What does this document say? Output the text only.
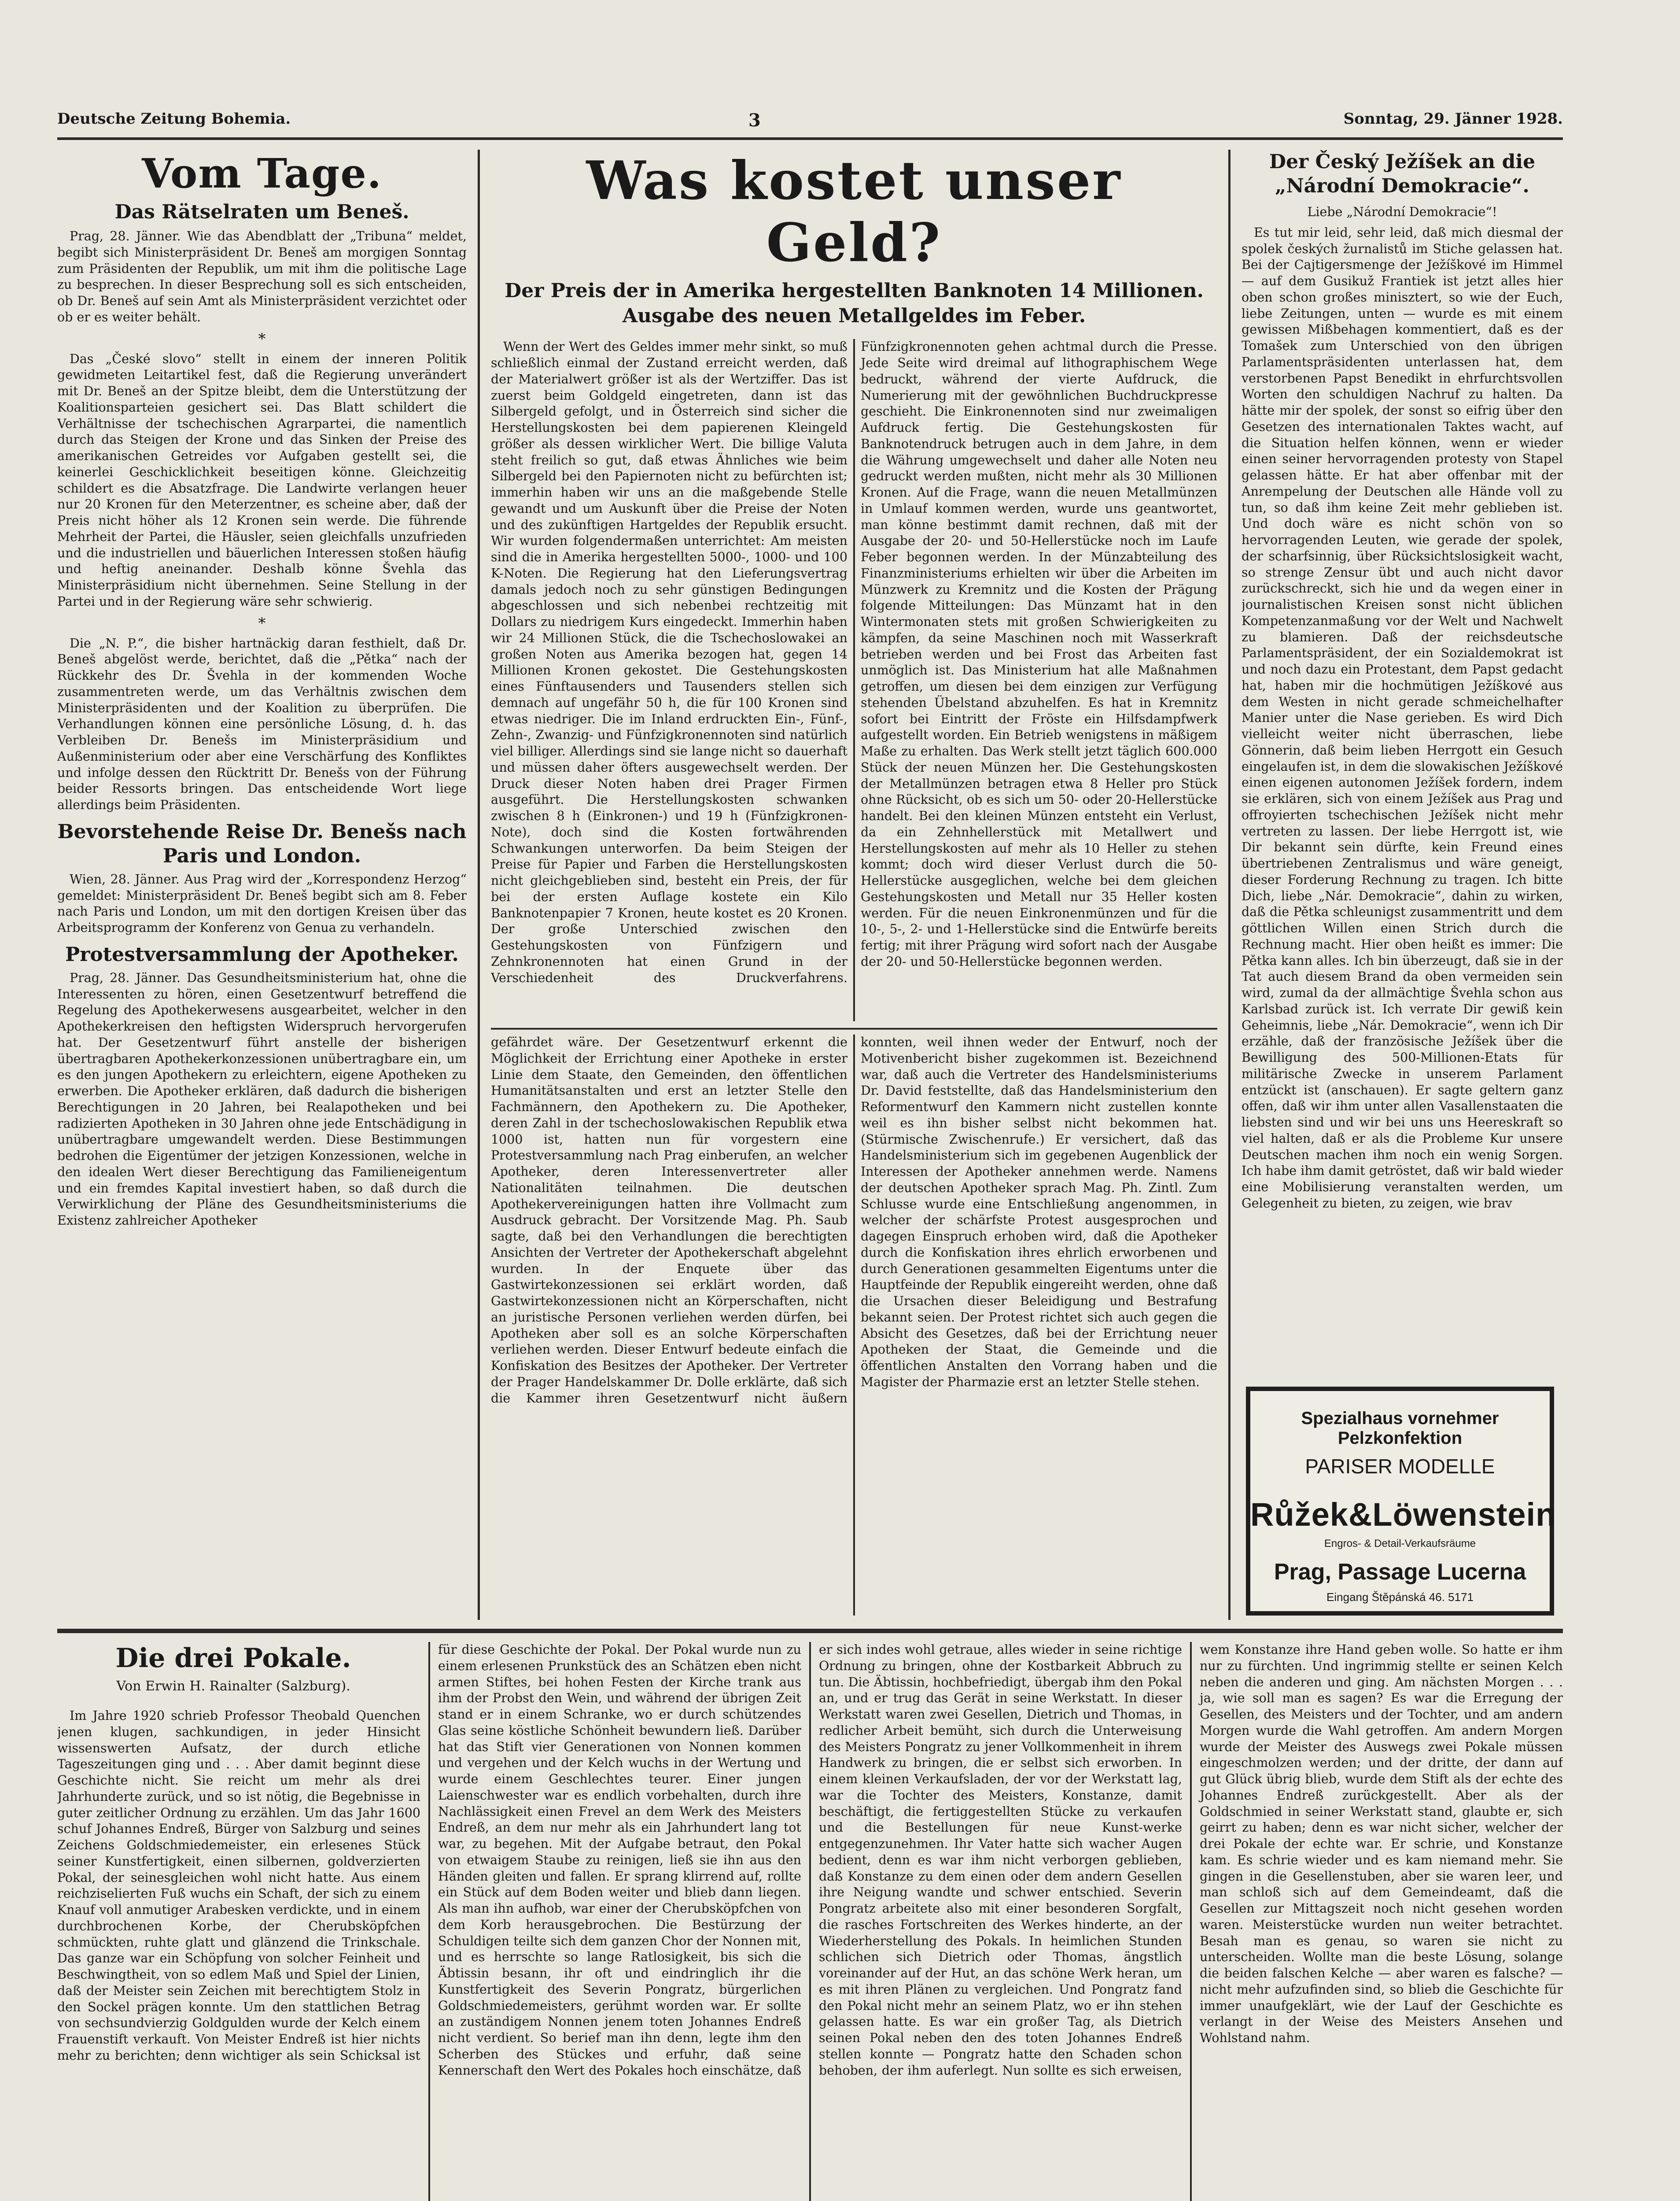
Deutsche Zeitung Bohemia.	3	Sonntag, 29. Jänner 1928.
Vom Tage.
Das Rätselraten um Beneš.

Prag, 28. Jänner. Wie das Abendblatt der „Tribuna“ meldet, begibt sich Ministerpräsident Dr. Beneš am morgigen Sonntag zum Präsidenten der Republik, um mit ihm die politische Lage zu besprechen. In dieser Besprechung soll es sich entscheiden, ob Dr. Beneš auf sein Amt als Ministerpräsident verzichtet oder ob er es weiter behält.

*

Das „České slovo“ stellt in einem der inneren Politik gewidmeten Leitartikel fest, daß die Regierung unverändert mit Dr. Beneš an der Spitze bleibt, dem die Unterstützung der Koalitionsparteien gesichert sei. Das Blatt schildert die Verhältnisse der tschechischen Agrarpartei, die namentlich durch das Steigen der Krone und das Sinken der Preise des amerikanischen Getreides vor Aufgaben gestellt sei, die keinerlei Geschicklichkeit beseitigen könne. Gleichzeitig schildert es die Absatzfrage. Die Landwirte verlangen heuer nur 20 Kronen für den Meterzentner, es scheine aber, daß der Preis nicht höher als 12 Kronen sein werde. Die führende Mehrheit der Partei, die Häusler, seien gleichfalls unzufrieden und die industriellen und bäuerlichen Interessen stoßen häufig und heftig aneinander. Deshalb könne Švehla das Ministerpräsidium nicht übernehmen. Seine Stellung in der Partei und in der Regierung wäre sehr schwierig.

*

Die „N. P.“, die bisher hartnäckig daran festhielt, daß Dr. Beneš abgelöst werde, berichtet, daß die „Pětka“ nach der Rückkehr des Dr. Švehla in der kommenden Woche zusammentreten werde, um das Verhältnis zwischen dem Ministerpräsidenten und der Koalition zu überprüfen. Die Verhandlungen können eine persönliche Lösung, d. h. das Verbleiben Dr. Benešs im Ministerpräsidium und Außenministerium oder aber eine Verschärfung des Konfliktes und infolge dessen den Rücktritt Dr. Benešs von der Führung beider Ressorts bringen. Das entscheidende Wort liege allerdings beim Präsidenten.

Bevorstehende Reise Dr. Benešs nach Paris und London.

Wien, 28. Jänner. Aus Prag wird der „Korrespondenz Herzog“ gemeldet: Ministerpräsident Dr. Beneš begibt sich am 8. Feber nach Paris und London, um mit den dortigen Kreisen über das Arbeitsprogramm der Konferenz von Genua zu verhandeln.

Protestversammlung der Apotheker.

Prag, 28. Jänner. Das Gesundheitsministerium hat, ohne die Interessenten zu hören, einen Gesetzentwurf betreffend die Regelung des Apothekerwesens ausgearbeitet, welcher in den Apothekerkreisen den heftigsten Widerspruch hervorgerufen hat. Der Gesetzentwurf führt anstelle der bisherigen übertragbaren Apothekerkonzessionen unübertragbare ein, um es den jungen Apothekern zu erleichtern, eigene Apotheken zu erwerben. Die Apotheker erklären, daß dadurch die bisherigen Berechtigungen in 20 Jahren, bei Realapotheken und bei radizierten Apotheken in 30 Jahren ohne jede Entschädigung in unübertragbare umgewandelt werden. Diese Bestimmungen bedrohen die Eigentümer der jetzigen Konzessionen, welche in den idealen Wert dieser Berechtigung das Familieneigentum und ein fremdes Kapital investiert haben, so daß durch die Verwirklichung der Pläne des Gesundheitsministeriums die Existenz zahlreicher Apotheker

Was kostet unser Geld?
Der Preis der in Amerika hergestellten Banknoten 14 Millionen.
Ausgabe des neuen Metallgeldes im Feber.

Wenn der Wert des Geldes immer mehr sinkt, so muß schließlich einmal der Zustand erreicht werden, daß der Materialwert größer ist als der Wertziffer. Das ist zuerst beim Goldgeld eingetreten, dann ist das Silbergeld gefolgt, und in Österreich sind sicher die Herstellungskosten bei dem papierenen Kleingeld größer als dessen wirklicher Wert. Die billige Valuta steht freilich so gut, daß etwas Ähnliches wie beim Silbergeld bei den Papiernoten nicht zu befürchten ist; immerhin haben wir uns an die maßgebende Stelle gewandt und um Auskunft über die Preise der Noten und des zukünftigen Hartgeldes der Republik ersucht. Wir wurden folgendermaßen unterrichtet: Am meisten sind die in Amerika hergestellten 5000-, 1000- und 100 K-Noten. Die Regierung hat den Lieferungsvertrag damals jedoch noch zu sehr günstigen Bedingungen abgeschlossen und sich nebenbei rechtzeitig mit Dollars zu niedrigem Kurs eingedeckt. Immerhin haben wir 24 Millionen Stück, die die Tschechoslowakei an großen Noten aus Amerika bezogen hat, gegen 14 Millionen Kronen gekostet. Die Gestehungskosten eines Fünftausenders und Tausenders stellen sich demnach auf ungefähr 50 h, die für 100 Kronen sind etwas niedriger. Die im Inland erdruckten Ein-, Fünf-, Zehn-, Zwanzig- und Fünfzigkronennoten sind natürlich viel billiger. Allerdings sind sie lange nicht so dauerhaft und müssen daher öfters ausgewechselt werden. Der Druck dieser Noten haben drei Prager Firmen ausgeführt. Die Herstellungskosten schwanken zwischen 8 h (Einkronen-) und 19 h (Fünfzigkronen-Note), doch sind die Kosten fortwährenden Schwankungen unterworfen. Da beim Steigen der Preise für Papier und Farben die Herstellungskosten nicht gleichgeblieben sind, besteht ein Preis, der für bei der ersten Auflage kostete ein Kilo Banknotenpapier 7 Kronen, heute kostet es 20 Kronen. Der große Unterschied zwischen den Gestehungskosten von Fünfzigern und Zehnkronennoten hat einen Grund in der Verschiedenheit des Druckverfahrens. Fünfzigkronennoten gehen achtmal durch die Presse. Jede Seite wird dreimal auf lithographischem Wege bedruckt, während der vierte Aufdruck, die Numerierung mit der gewöhnlichen Buchdruckpresse geschieht. Die Einkronennoten sind nur zweimaligen Aufdruck fertig. Die Gestehungskosten für Banknotendruck betrugen auch in dem Jahre, in dem die Währung umgewechselt und daher alle Noten neu gedruckt werden mußten, nicht mehr als 30 Millionen Kronen. Auf die Frage, wann die neuen Metallmünzen in Umlauf kommen werden, wurde uns geantwortet, man könne bestimmt damit rechnen, daß mit der Ausgabe der 20- und 50-Hellerstücke noch im Laufe Feber begonnen werden. In der Münzabteilung des Finanzministeriums erhielten wir über die Arbeiten im Münzwerk zu Kremnitz und die Kosten der Prägung folgende Mitteilungen: Das Münzamt hat in den Wintermonaten stets mit großen Schwierigkeiten zu kämpfen, da seine Maschinen noch mit Wasserkraft betrieben werden und bei Frost das Arbeiten fast unmöglich ist. Das Ministerium hat alle Maßnahmen getroffen, um diesen bei dem einzigen zur Verfügung stehenden Übelstand abzuhelfen. Es hat in Kremnitz sofort bei Eintritt der Fröste ein Hilfsdampfwerk aufgestellt worden. Ein Betrieb wenigstens in mäßigem Maße zu erhalten. Das Werk stellt jetzt täglich 600.000 Stück der neuen Münzen her. Die Gestehungskosten der Metallmünzen betragen etwa 8 Heller pro Stück ohne Rücksicht, ob es sich um 50- oder 20-Hellerstücke handelt. Bei den kleinen Münzen entsteht ein Verlust, da ein Zehnhellerstück mit Metallwert und Herstellungskosten auf mehr als 10 Heller zu stehen kommt; doch wird dieser Verlust durch die 50-Hellerstücke ausgeglichen, welche bei dem gleichen Gestehungskosten und Metall nur 35 Heller kosten werden. Für die neuen Einkronenmünzen und für die 10-, 5-, 2- und 1-Hellerstücke sind die Entwürfe bereits fertig; mit ihrer Prägung wird sofort nach der Ausgabe der 20- und 50-Hellerstücke begonnen werden.

gefährdet wäre. Der Gesetzentwurf erkennt die Möglichkeit der Errichtung einer Apotheke in erster Linie dem Staate, den Gemeinden, den öffentlichen Humanitätsanstalten und erst an letzter Stelle den Fachmännern, den Apothekern zu. Die Apotheker, deren Zahl in der tschechoslowakischen Republik etwa 1000 ist, hatten nun für vorgestern eine Protestversammlung nach Prag einberufen, an welcher Apotheker, deren Interessenvertreter aller Nationalitäten teilnahmen. Die deutschen Apothekervereinigungen hatten ihre Vollmacht zum Ausdruck gebracht. Der Vorsitzende Mag. Ph. Saub sagte, daß bei den Verhandlungen die berechtigten Ansichten der Vertreter der Apothekerschaft abgelehnt wurden. In der Enquete über das Gastwirtekonzessionen sei erklärt worden, daß Gastwirtekonzessionen nicht an Körperschaften, nicht an juristische Personen verliehen werden dürfen, bei Apotheken aber soll es an solche Körperschaften verliehen werden. Dieser Entwurf bedeute einfach die Konfiskation des Besitzes der Apotheker. Der Vertreter der Prager Handelskammer Dr. Dolle erklärte, daß sich die Kammer ihren Gesetzentwurf nicht äußern konnten, weil ihnen weder der Entwurf, noch der Motivenbericht bisher zugekommen ist. Bezeichnend war, daß auch die Vertreter des Handelsministeriums Dr. David feststellte, daß das Handelsministerium den Reformentwurf den Kammern nicht zustellen konnte weil es ihn bisher selbst nicht bekommen hat. (Stürmische Zwischenrufe.) Er versichert, daß das Handelsministerium sich im gegebenen Augenblick der Interessen der Apotheker annehmen werde. Namens der deutschen Apotheker sprach Mag. Ph. Zintl. Zum Schlusse wurde eine Entschließung angenommen, in welcher der schärfste Protest ausgesprochen und dagegen Einspruch erhoben wird, daß die Apotheker durch die Konfiskation ihres ehrlich erworbenen und durch Generationen gesammelten Eigentums unter die Hauptfeinde der Republik eingereiht werden, ohne daß die Ursachen dieser Beleidigung und Bestrafung bekannt seien. Der Protest richtet sich auch gegen die Absicht des Gesetzes, daß bei der Errichtung neuer Apotheken der Staat, die Gemeinde und die öffentlichen Anstalten den Vorrang haben und die Magister der Pharmazie erst an letzter Stelle stehen.

Der Český Ježíšek an die „Národní Demokracie“.

Liebe „Národní Demokracie“!

Es tut mir leid, sehr leid, daß mich diesmal der spolek českých žurnalistů im Stiche gelassen hat. Bei der Cajtigersmenge der Ježíškové im Himmel — auf dem Gusikuž Frantiek ist jetzt alles hier oben schon großes minisztert, so wie der Euch, liebe Zeitungen, unten — wurde es mit einem gewissen Mißbehagen kommentiert, daß es der Tomašek zum Unterschied von den übrigen Parlamentspräsidenten unterlassen hat, dem verstorbenen Papst Benedikt in ehrfurchtsvollen Worten den schuldigen Nachruf zu halten. Da hätte mir der spolek, der sonst so eifrig über den Gesetzen des internationalen Taktes wacht, auf die Situation helfen können, wenn er wieder einen seiner hervorragenden protesty von Stapel gelassen hätte. Er hat aber offenbar mit der Anrempelung der Deutschen alle Hände voll zu tun, so daß ihm keine Zeit mehr geblieben ist. Und doch wäre es nicht schön von so hervorragenden Leuten, wie gerade der spolek, der scharfsinnig, über Rücksichtslosigkeit wacht, so strenge Zensur übt und auch nicht davor zurückschreckt, sich hie und da wegen einer in journalistischen Kreisen sonst nicht üblichen Kompetenzanmaßung vor der Welt und Nachwelt zu blamieren. Daß der reichsdeutsche Parlamentspräsident, der ein Sozialdemokrat ist und noch dazu ein Protestant, dem Papst gedacht hat, haben mir die hochmütigen Ježíškové aus dem Westen in nicht gerade schmeichelhafter Manier unter die Nase gerieben. Es wird Dich vielleicht weiter nicht überraschen, liebe Gönnerin, daß beim lieben Herrgott ein Gesuch eingelaufen ist, in dem die slowakischen Ježíškové einen eigenen autonomen Ježíšek fordern, indem sie erklären, sich von einem Ježíšek aus Prag und offroyierten tschechischen Ježíšek nicht mehr vertreten zu lassen. Der liebe Herrgott ist, wie Dir bekannt sein dürfte, kein Freund eines übertriebenen Zentralismus und wäre geneigt, dieser Forderung Rechnung zu tragen. Ich bitte Dich, liebe „Nár. Demokracie“, dahin zu wirken, daß die Pětka schleunigst zusammentritt und dem göttlichen Willen einen Strich durch die Rechnung macht. Hier oben heißt es immer: Die Pětka kann alles. Ich bin überzeugt, daß sie in der Tat auch diesem Brand da oben vermeiden sein wird, zumal da der allmächtige Švehla schon aus Karlsbad zurück ist. Ich verrate Dir gewiß kein Geheimnis, liebe „Nár. Demokracie“, wenn ich Dir erzähle, daß der französische Ježíšek über die Bewilligung des 500-Millionen-Etats für militärische Zwecke in unserem Parlament entzückt ist (anschauen). Er sagte geltern ganz offen, daß wir ihm unter allen Vasallenstaaten die liebsten sind und wir bei uns uns Heereskraft so viel halten, daß er als die Probleme Kur unsere Deutschen machen ihm noch ein wenig Sorgen. Ich habe ihm damit getröstet, daß wir bald wieder eine Mobilisierung veranstalten werden, um Gelegenheit zu bieten, zu zeigen, wie brav

Spezialhaus vornehmer Pelzkonfektion
PARISER MODELLE
Růžek&Löwenstein
Engros- & Detail-Verkaufsräume
Prag, Passage Lucerna
Eingang Štěpánská 46. 5171
Die drei Pokale.
Von Erwin H. Rainalter (Salzburg).

Im Jahre 1920 schrieb Professor Theobald Quenchen jenen klugen, sachkundigen, in jeder Hinsicht wissenswerten Aufsatz, der durch etliche Tageszeitungen ging und . . . Aber damit beginnt diese Geschichte nicht. Sie reicht um mehr als drei Jahrhunderte zurück, und so ist nötig, die Begebnisse in guter zeitlicher Ordnung zu erzählen. Um das Jahr 1600 schuf Johannes Endreß, Bürger von Salzburg und seines Zeichens Goldschmiedemeister, ein erlesenes Stück seiner Kunstfertigkeit, einen silbernen, goldverzierten Pokal, der seinesgleichen wohl nicht hatte. Aus einem reichziselierten Fuß wuchs ein Schaft, der sich zu einem Knauf voll anmutiger Arabesken verdickte, und in einem durchbrochenen Korbe, der Cherubsköpfchen schmückten, ruhte glatt und glänzend die Trinkschale. Das ganze war ein Schöpfung von solcher Feinheit und Beschwingtheit, von so edlem Maß und Spiel der Linien, daß der Meister sein Zeichen mit berechtigtem Stolz in den Sockel prägen konnte. Um den stattlichen Betrag von sechsundvierzig Goldgulden wurde der Kelch einem Frauenstift verkauft. Von Meister Endreß ist hier nichts mehr zu berichten; denn wichtiger als sein Schicksal ist für diese Geschichte der Pokal. Der Pokal wurde nun zu einem erlesenen Prunkstück des an Schätzen eben nicht armen Stiftes, bei hohen Festen der Kirche trank aus ihm der Probst den Wein, und während der übrigen Zeit stand er in einem Schranke, wo er durch schützendes Glas seine köstliche Schönheit bewundern ließ. Darüber hat das Stift vier Generationen von Nonnen kommen und vergehen und der Kelch wuchs in der Wertung und wurde einem Geschlechtes teurer. Einer jungen Laienschwester war es endlich vorbehalten, durch ihre Nachlässigkeit einen Frevel an dem Werk des Meisters Endreß, an dem nur mehr als ein Jahrhundert lang tot war, zu begehen. Mit der Aufgabe betraut, den Pokal von etwaigem Staube zu reinigen, ließ sie ihn aus den Händen gleiten und fallen. Er sprang klirrend auf, rollte ein Stück auf dem Boden weiter und blieb dann liegen. Als man ihn aufhob, war einer der Cherubsköpfchen von dem Korb herausgebrochen. Die Bestürzung der Schuldigen teilte sich dem ganzen Chor der Nonnen mit, und es herrschte so lange Ratlosigkeit, bis sich die Äbtissin besann, ihr oft und eindringlich ihr die Kunstfertigkeit des Severin Pongratz, bürgerlichen Goldschmiedemeisters, gerühmt worden war. Er sollte an zuständigem Nonnen jenem toten Johannes Endreß nicht verdient. So berief man ihn denn, legte ihm den Scherben des Stückes und erfuhr, daß seine Kennerschaft den Wert des Pokales hoch einschätze, daß er sich indes wohl getraue, alles wieder in seine richtige Ordnung zu bringen, ohne der Kostbarkeit Abbruch zu tun. Die Äbtissin, hochbefriedigt, übergab ihm den Pokal an, und er trug das Gerät in seine Werkstatt. In dieser Werkstatt waren zwei Gesellen, Dietrich und Thomas, in redlicher Arbeit bemüht, sich durch die Unterweisung des Meisters Pongratz zu jener Vollkommenheit in ihrem Handwerk zu bringen, die er selbst sich erworben. In einem kleinen Verkaufsladen, der vor der Werkstatt lag, war die Tochter des Meisters, Konstanze, damit beschäftigt, die fertiggestellten Stücke zu verkaufen und die Bestellungen für neue Kunst-werke entgegenzunehmen. Ihr Vater hatte sich wacher Augen bedient, denn es war ihm nicht verborgen geblieben, daß Konstanze zu dem einen oder dem andern Gesellen ihre Neigung wandte und schwer entschied. Severin Pongratz arbeitete also mit einer besonderen Sorgfalt, die rasches Fortschreiten des Werkes hinderte, an der Wiederherstellung des Pokals. In heimlichen Stunden schlichen sich Dietrich oder Thomas, ängstlich voreinander auf der Hut, an das schöne Werk heran, um es mit ihren Plänen zu vergleichen. Und Pongratz fand den Pokal nicht mehr an seinem Platz, wo er ihn stehen gelassen hatte. Es war ein großer Tag, als Dietrich seinen Pokal neben den des toten Johannes Endreß stellen konnte — Pongratz hatte den Schaden schon behoben, der ihm auferlegt. Nun sollte es sich erweisen, wem Konstanze ihre Hand geben wolle. So hatte er ihm nur zu fürchten. Und ingrimmig stellte er seinen Kelch neben die anderen und ging. Am nächsten Morgen . . . ja, wie soll man es sagen? Es war die Erregung der Gesellen, des Meisters und der Tochter, und am andern Morgen wurde die Wahl getroffen. Am andern Morgen wurde der Meister des Auswegs zwei Pokale müssen eingeschmolzen werden; und der dritte, der dann auf gut Glück übrig blieb, wurde dem Stift als der echte des Johannes Endreß zurückgestellt. Aber als der Goldschmied in seiner Werkstatt stand, glaubte er, sich geirrt zu haben; denn es war nicht sicher, welcher der drei Pokale der echte war. Er schrie, und Konstanze kam. Es schrie wieder und es kam niemand mehr. Sie gingen in die Gesellenstuben, aber sie waren leer, und man schloß sich auf dem Gemeindeamt, daß die Gesellen zur Mittagszeit noch nicht gesehen worden waren. Meisterstücke wurden nun weiter betrachtet. Besah man es genau, so waren sie nicht zu unterscheiden. Wollte man die beste Lösung, solange die beiden falschen Kelche — aber waren es falsche? — nicht mehr aufzufinden sind, so blieb die Geschichte für immer unaufgeklärt, wie der Lauf der Geschichte es verlangt in der Weise des Meisters Ansehen und Wohlstand nahm.
